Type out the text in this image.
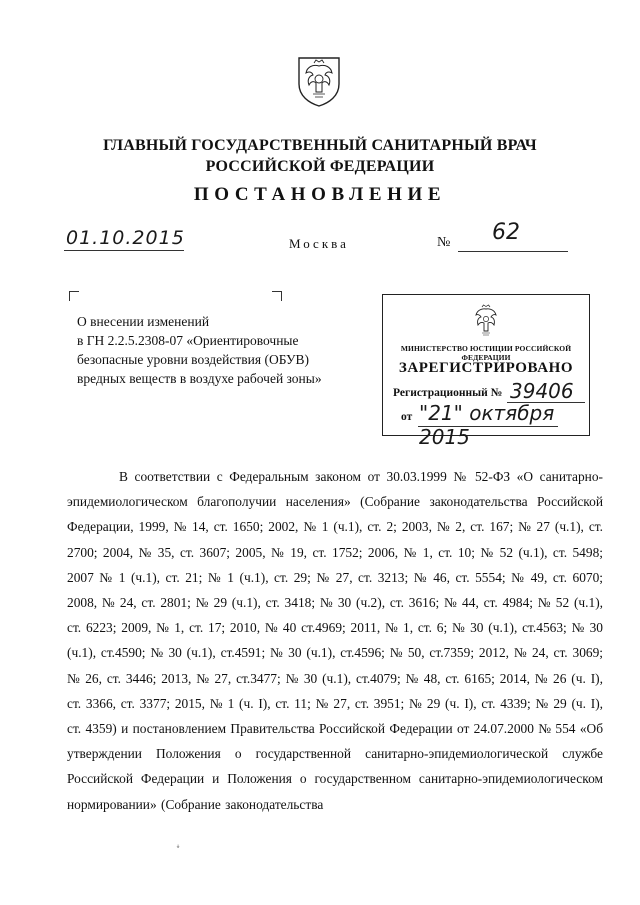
ГЛАВНЫЙ ГОСУДАРСТВЕННЫЙ САНИТАРНЫЙ ВРАЧ
РОССИЙСКОЙ ФЕДЕРАЦИИ
ПОСТАНОВЛЕНИЕ
01.10.2015	Москва	№ 62
О внесении изменений
в ГН 2.2.5.2308-07 «Ориентировочные
безопасные уровни воздействия (ОБУВ)
вредных веществ в воздухе рабочей зоны»
МИНИСТЕРСТВО ЮСТИЦИИ РОССИЙСКОЙ ФЕДЕРАЦИИ
ЗАРЕГИСТРИРОВАНО
Регистрационный № 39406
от "21" октября 2015
В соответствии с Федеральным законом от 30.03.1999 № 52-ФЗ «О санитарно-эпидемиологическом благополучии населения» (Собрание законодательства Российской Федерации, 1999, № 14, ст. 1650; 2002, № 1 (ч.1), ст. 2; 2003, № 2, ст. 167; № 27 (ч.1), ст. 2700; 2004, № 35, ст. 3607; 2005, № 19, ст. 1752; 2006, № 1, ст. 10; № 52 (ч.1), ст. 5498; 2007 № 1 (ч.1), ст. 21; № 1 (ч.1), ст. 29; № 27, ст. 3213; № 46, ст. 5554; № 49, ст. 6070; 2008, № 24, ст. 2801; № 29 (ч.1), ст. 3418; № 30 (ч.2), ст. 3616; № 44, ст. 4984; № 52 (ч.1), ст. 6223; 2009, № 1, ст. 17; 2010, № 40 ст.4969; 2011, № 1, ст. 6; № 30 (ч.1), ст.4563; № 30 (ч.1), ст.4590; № 30 (ч.1), ст.4591; № 30 (ч.1), ст.4596; № 50, ст.7359; 2012, № 24, ст. 3069; № 26, ст. 3446; 2013, № 27, ст.3477; № 30 (ч.1), ст.4079; № 48, ст. 6165; 2014, № 26 (ч. I), ст. 3366, ст. 3377; 2015, № 1 (ч. I), ст. 11; № 27, ст. 3951; № 29 (ч. I), ст. 4339; № 29 (ч. I), ст. 4359) и постановлением Правительства Российской Федерации от 24.07.2000 № 554 «Об утверждении Положения о государственной санитарно-эпидемиологической службе Российской Федерации и Положения о государственном санитарно-эпидемиологическом нормировании» (Собрание законодательства
ꜜ
